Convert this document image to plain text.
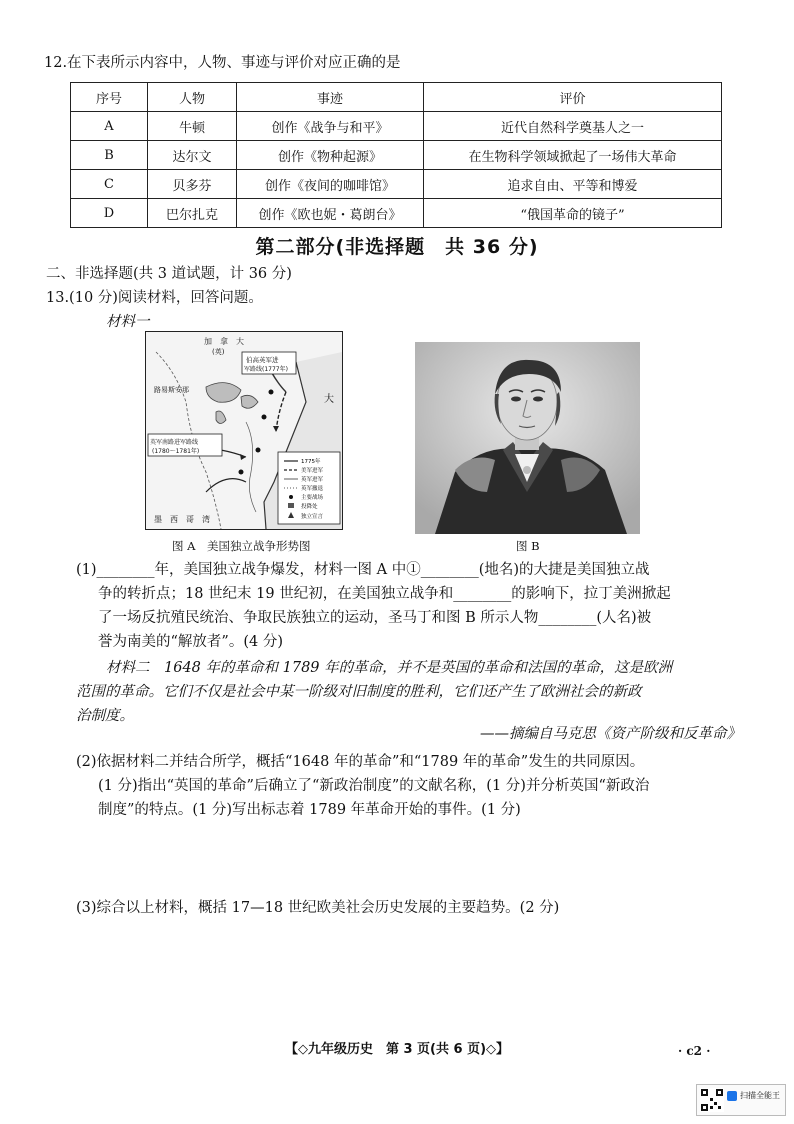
12.在下表所示内容中，人物、事迹与评价对应正确的是
序号	人物	事迹	评价
A	牛顿	创作《战争与和平》	近代自然科学奠基人之一
B	达尔文	创作《物种起源》	在生物科学领域掀起了一场伟大革命
C	贝多芬	创作《夜间的咖啡馆》	追求自由、平等和博爱
D	巴尔扎克	创作《欧也妮・葛朗台》	“俄国革命的镜子”
第二部分(非选择题　共 36 分)
二、非选择题(共 3 道试题，计 36 分)
13.(10 分)阅读材料，回答问题。
材料一
加　拿　大
(英)
伯高英军进
军路线(1777年)
路易斯安那
英军南路进军路线
(1780～1781年)
大
墨　西　哥　湾
1775年
美军进军
英军进军
英军撤退
主要战场
投降处
独立宣言
图 A　美国独立战争形势图	图 B
(1)________年，美国独立战争爆发，材料一图 A 中①________(地名)的大捷是美国独立战
争的转折点；18 世纪末 19 世纪初，在美国独立战争和________的影响下，拉丁美洲掀起
了一场反抗殖民统治、争取民族独立的运动，圣马丁和图 B 所示人物________(人名)被
誉为南美的“解放者”。(4 分)
材料二　1648 年的革命和 1789 年的革命，并不是英国的革命和法国的革命，这是欧洲
范围的革命。它们不仅是社会中某一阶级对旧制度的胜利，它们还产生了欧洲社会的新政
治制度。
——摘编自马克思《资产阶级和反革命》
(2)依据材料二并结合所学，概括“1648 年的革命”和“1789 年的革命”发生的共同原因。
(1 分)指出“英国的革命”后确立了“新政治制度”的文献名称，(1 分)并分析英国“新政治
制度”的特点。(1 分)写出标志着 1789 年革命开始的事件。(1 分)
(3)综合以上材料，概括 17—18 世纪欧美社会历史发展的主要趋势。(2 分)
【◇九年级历史　第 3 页(共 6 页)◇】	· c2 ·
扫描全能王
